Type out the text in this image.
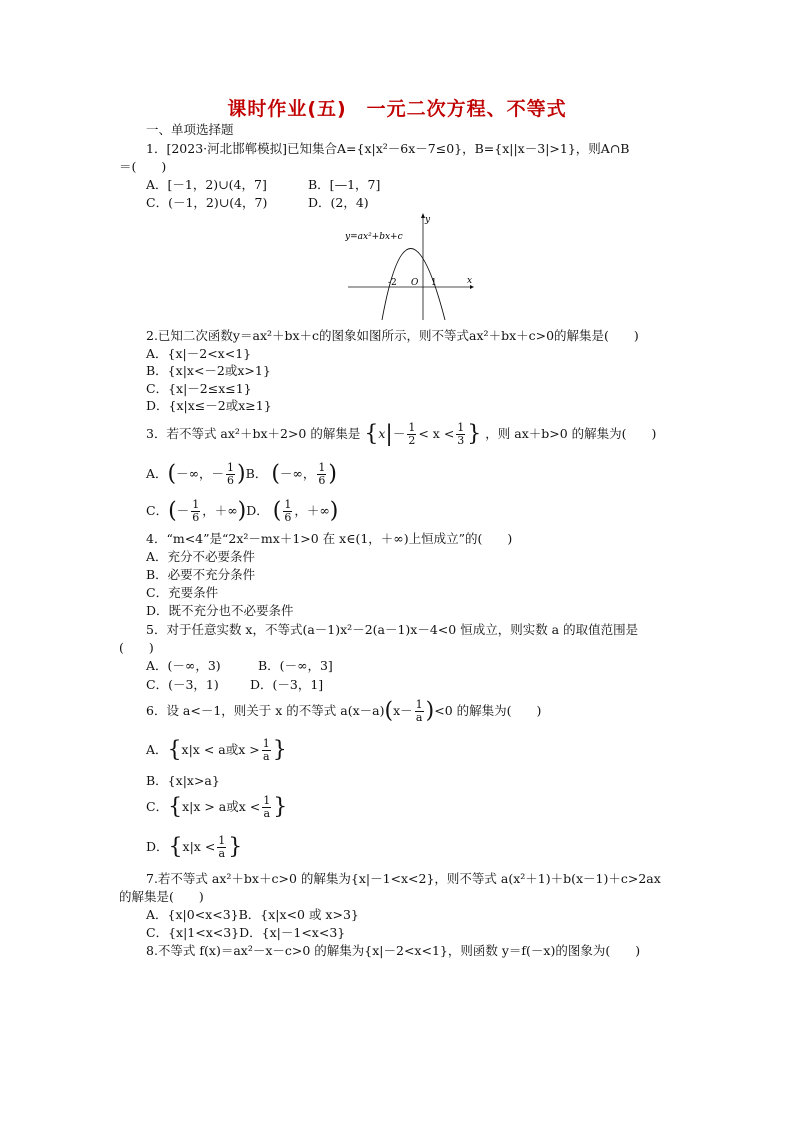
课时作业(五)　一元二次方程、不等式
一、单项选择题
1．[2023·河北邯郸模拟]已知集合A={x|x²－6x－7≤0}，B={x||x－3|>1}，则A∩B
＝(　　)
A．[－1，2)∪(4，7]	B．[—1，7]
C．(－1，2)∪(4，7)	D．(2，4)
y=ax²+bx+c
y
x
-2 O 1
2.已知二次函数y＝ax²＋bx＋c的图象如图所示，则不等式ax²＋bx＋c>0的解集是(　　)
A．{x|－2<x<1}
B．{x|x<－2或x>1}
C．{x|－2≤x≤1}
D．{x|x≤－2或x≥1}
3．若不等式 ax²＋bx＋2>0 的解集是 {$x|- \frac{1}{2} < x < \frac{1}{3}$ } ，则 ax＋b>0 的解集为(　　)
A．(－∞，－ $\frac{1}{6} )B$． (－∞， $\frac{1}{6}$ )
C．(－ $\frac{1}{6}$ ，＋∞)D． ( $\frac{1}{6}$ ，＋∞)
4．“m<4”是“2x²－mx＋1>0 在 x∈(1，＋∞)上恒成立”的(　　)
A．充分不必要条件
B．必要不充分条件
C．充要条件
D．既不充分也不必要条件
5．对于任意实数 x，不等式(a－1)x²－2(a－1)x－4<0 恒成立，则实数 a 的取值范围是
(　　)
A．(－∞，3)	B．(－∞，3]
C．(－3，1)	D．(－3，1]
6．设 a<－1，则关于 x 的不等式 $a(x-a)(x- \frac{1}{a} )<0$ 的解集为(　　)
A．{x|x < a或$x > \frac{1}{a}$ }
B．{x|x>a}
C．{x|x > a或$x < \frac{1}{a}$ }
D．{$x|x < \frac{1}{a}$ }
7.若不等式 ax²＋bx＋c>0 的解集为{x|－1<x<2}，则不等式 a(x²＋1)＋b(x－1)＋c>2ax
的解集是(　　)
A．{x|0<x<3}B．{x|x<0 或 x>3}
C．{x|1<x<3}D．{x|－1<x<3}
8.不等式 f(x)＝ax²－x－c>0 的解集为{x|－2<x<1}，则函数 y＝f(－x)的图象为(　　)
